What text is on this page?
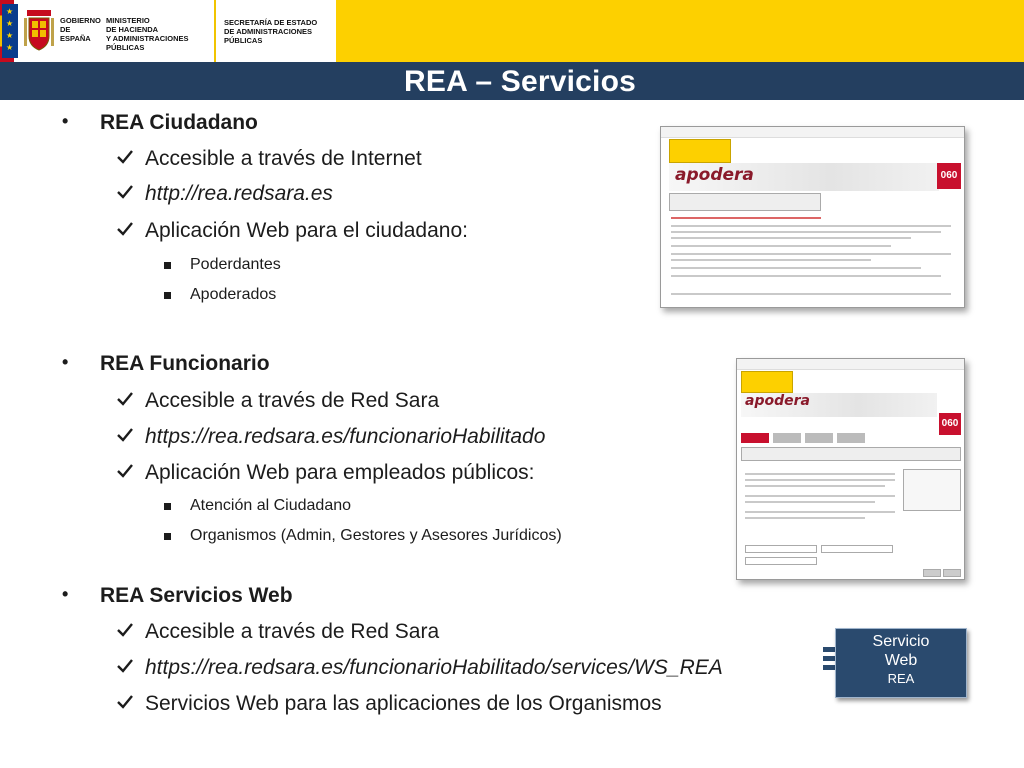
★
★
★
★
GOBIERNO
DE ESPAÑA
MINISTERIO
DE HACIENDA
Y ADMINISTRACIONES PÚBLICAS
SECRETARÍA DE ESTADO
DE ADMINISTRACIONES PÚBLICAS
REA – Servicios
• REA Ciudadano
Accesible a través de Internet
http://rea.redsara.es
Aplicación Web para el ciudadano:
Poderdantes
Apoderados
• REA Funcionario
Accesible a través de Red Sara
https://rea.redsara.es/funcionarioHabilitado
Aplicación Web para empleados públicos:
Atención al Ciudadano
Organismos (Admin, Gestores y Asesores Jurídicos)
• REA Servicios Web
Accesible a través de Red Sara
https://rea.redsara.es/funcionarioHabilitado/services/WS_REA
Servicios Web para las aplicaciones de los Organismos
apodera	060
apodera
060
Servicio
Web
REA
